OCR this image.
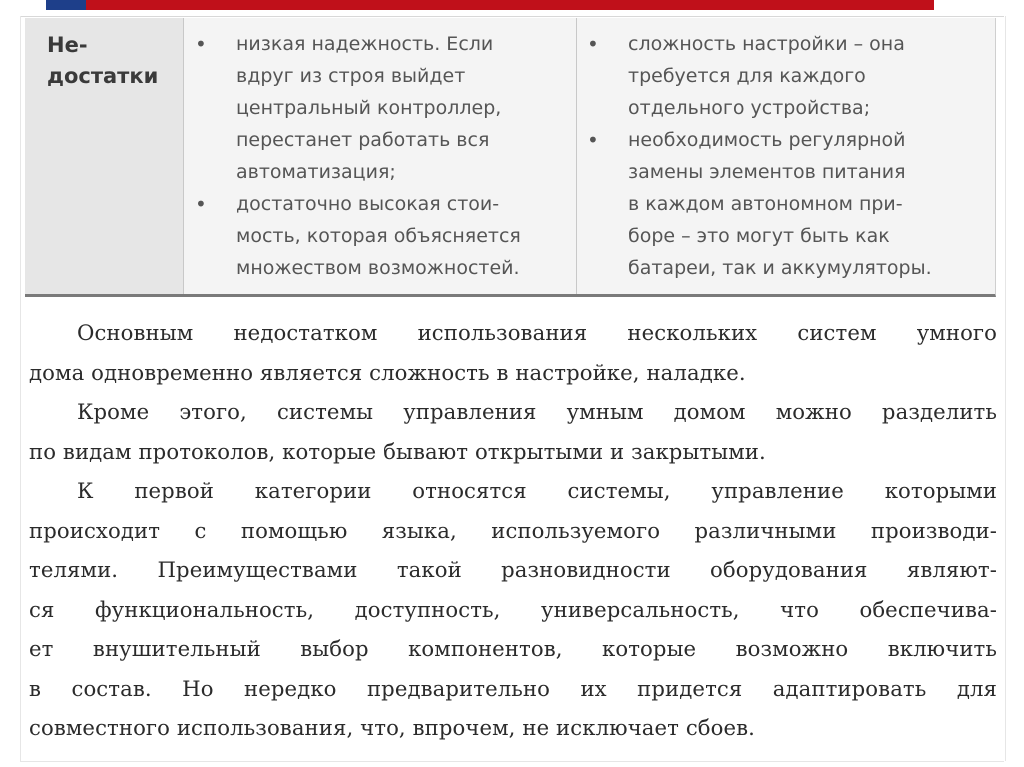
Не-
достатки
• низкая надежность. Если
вдруг из строя выйдет
центральный контроллер,
перестанет работать вся
автоматизация;
• достаточно высокая стои-
мость, которая объясняется
множеством возможностей.
• сложность настройки – она
требуется для каждого
отдельного устройства;
• необходимость регулярной
замены элементов питания
в каждом автономном при-
боре – это могут быть как
батареи, так и аккумуляторы.

Основным недостатком использования нескольких систем умного

дома одновременно является сложность в настройке, наладке.

Кроме этого, системы управления умным домом можно разделить

по видам протоколов, которые бывают открытыми и закрытыми.

К первой категории относятся системы, управление которыми

происходит с помощью языка, используемого различными производи-

телями. Преимуществами такой разновидности оборудования являют-

ся функциональность, доступность, универсальность, что обеспечива-

ет внушительный выбор компонентов, которые возможно включить

в состав. Но нередко предварительно их придется адаптировать для

совместного использования, что, впрочем, не исключает сбоев.
